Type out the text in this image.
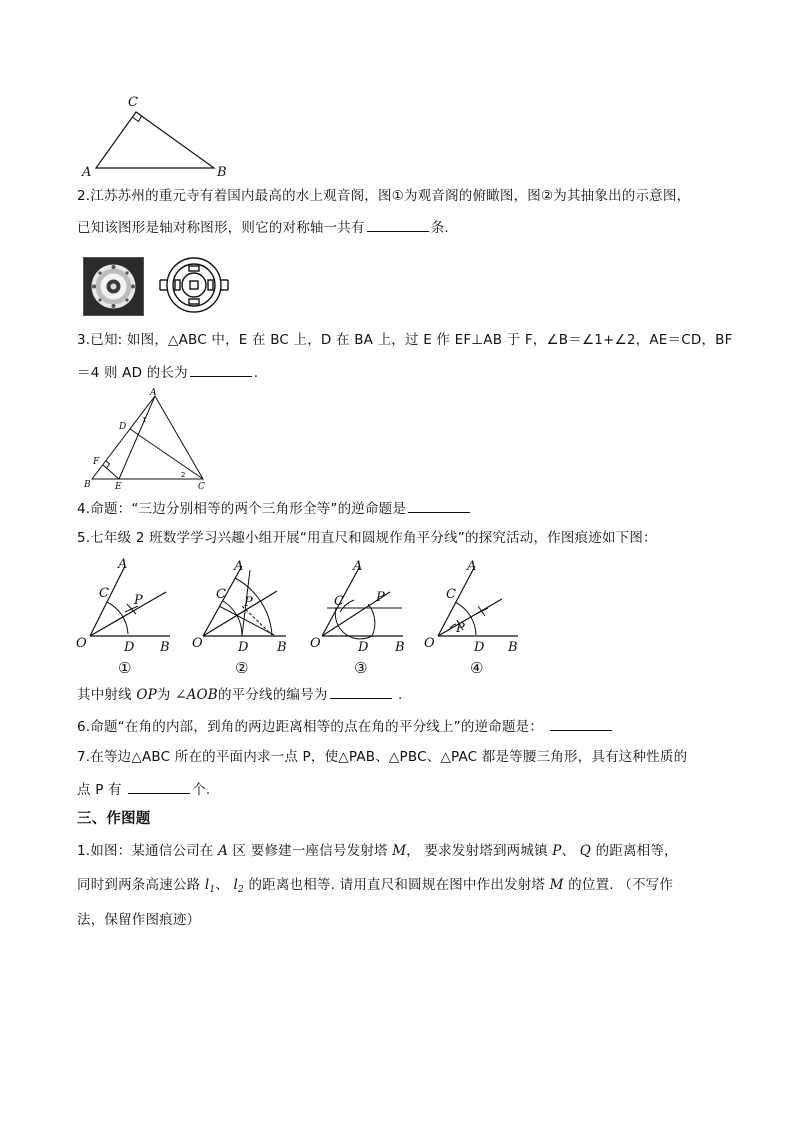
C
A	B
2.江苏苏州的重元寺有着国内最高的水上观音阁，图①为观音阁的俯瞰图，图②为其抽象出的示意图，
已知该图形是轴对称图形，则它的对称轴一共有	条.
3.已知: 如图，△ABC 中，E 在 BC 上，D 在 BA 上，过 E 作 EF⊥AB 于 F，∠B＝∠1+∠2，AE＝CD，BF
＝4 则 AD 的长为	.
A
D
F
B	E	C
1
2
4.命题：“三边分别相等的两个三角形全等”的逆命题是
5.七年级 2 班数学学习兴趣小组开展“用直尺和圆规作角平分线”的探究活动，作图痕迹如下图：
A
C P
O	D B
①
A
C
P
O	D B
②
A
C P
O	D B
③
A
C
P
O	D B
④
其中射线 OP为 ∠AOB的平分线的编号为	.
6.命题“在角的内部，到角的两边距离相等的点在角的平分线上”的逆命题是：
7.在等边△ABC 所在的平面内求一点 P，使△PAB、△PBC、△PAC 都是等腰三角形，具有这种性质的
点 P 有	个.
三、作图题
1.如图：某通信公司在 A 区 要修建一座信号发射塔 M， 要求发射塔到两城镇 P、 Q 的距离相等，
同时到两条高速公路 $l_1$、 $l_2$ 的距离也相等. 请用直尺和圆规在图中作出发射塔 M 的位置. （不写作
法，保留作图痕迹）
